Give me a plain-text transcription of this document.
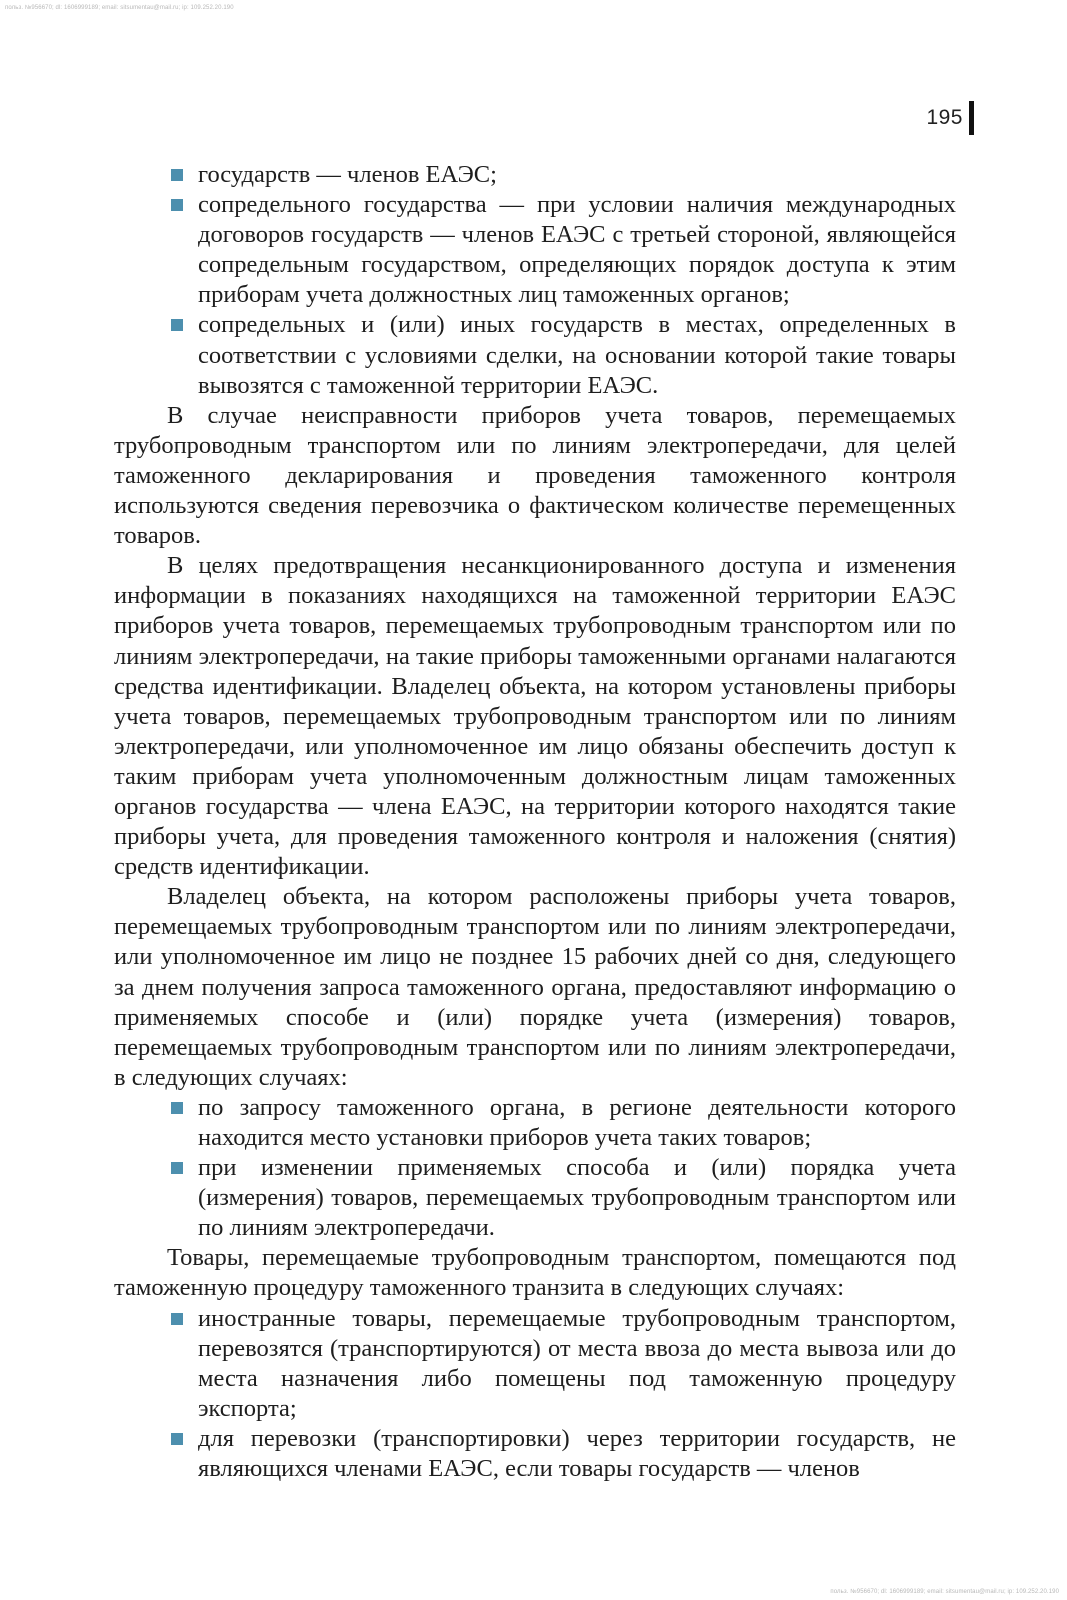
польз. №956670; dl: 1606999189; email: sitsumentau@mail.ru; ip: 109.252.20.190
195
государств — членов ЕАЭС;
сопредельного государства — при условии наличия международных договоров государств — членов ЕАЭС с третьей стороной, являющейся сопредельным государством, определяющих порядок доступа к этим приборам учета должностных лиц таможенных органов;
сопредельных и (или) иных государств в местах, определенных в соответствии с условиями сделки, на основании которой такие товары вывозятся с таможенной территории ЕАЭС.

В случае неисправности приборов учета товаров, перемещаемых трубопроводным транспортом или по линиям электропередачи, для целей таможенного декларирования и проведения таможенного контроля используются сведения перевозчика о фактическом количестве перемещенных товаров.

В целях предотвращения несанкционированного доступа и изменения информации в показаниях находящихся на таможенной территории ЕАЭС приборов учета товаров, перемещаемых трубопроводным транспортом или по линиям электропередачи, на такие приборы таможенными органами налагаются средства идентификации. Владелец объекта, на котором установлены приборы учета товаров, перемещаемых трубопроводным транспортом или по линиям электропередачи, или уполномоченное им лицо обязаны обеспечить доступ к таким приборам учета уполномоченным должностным лицам таможенных органов государства — члена ЕАЭС, на территории которого находятся такие приборы учета, для проведения таможенного контроля и наложения (снятия) средств идентификации.

Владелец объекта, на котором расположены приборы учета товаров, перемещаемых трубопроводным транспортом или по линиям электропередачи, или уполномоченное им лицо не позднее 15 рабочих дней со дня, следующего за днем получения запроса таможенного органа, предоставляют информацию о применяемых способе и (или) порядке учета (измерения) товаров, перемещаемых трубопроводным транспортом или по линиям электропередачи, в следующих случаях:

по запросу таможенного органа, в регионе деятельности которого находится место установки приборов учета таких товаров;
при изменении применяемых способа и (или) порядка учета (измерения) товаров, перемещаемых трубопроводным транспортом или по линиям электропередачи.

Товары, перемещаемые трубопроводным транспортом, помещаются под таможенную процедуру таможенного транзита в следующих случаях:

иностранные товары, перемещаемые трубопроводным транспортом, перевозятся (транспортируются) от места ввоза до места вывоза или до места назначения либо помещены под таможенную процедуру экспорта;
для перевозки (транспортировки) через территории государств, не являющихся членами ЕАЭС, если товары государств — членов
польз. №956670; dl: 1606999189; email: sitsumentau@mail.ru; ip: 109.252.20.190
